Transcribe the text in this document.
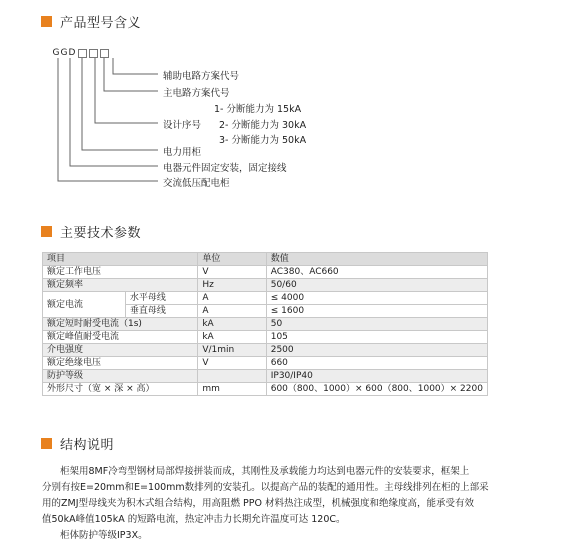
产品型号含义
G G D
辅助电路方案代号
主电路方案代号
设计序号
1- 分断能力为 15kA
2- 分断能力为 30kA
3- 分断能力为 50kA
电力用柜
电器元件固定安装，固定接线
交流低压配电柜
主要技术参数
项目		单位	数值
额定工作电压		V	AC380、AC660
额定频率		Hz	50/60
额定电流	水平母线	A	≤ 4000
	垂直母线	A	≤ 1600
额定短时耐受电流（1s)		kA	50
额定峰值耐受电流		kA	105
介电强度		V/1min	2500
额定绝缘电压		V	660
防护等级			IP30/IP40
外形尺寸（宽 × 深 × 高）		mm	600（800、1000）× 600（800、1000）× 2200
结构说明

柜架用8MF冷弯型钢材局部焊接拼装而成，其刚性及承载能力均达到电器元件的安装要求，框架上

分别有按E=20mm和E=100mm数排列的安装孔。以提高产品的装配的通用性。主母线排列在柜的上部采

用的ZMJ型母线夹为积木式组合结构，用高阻燃 PPO 材料热注成型，机械强度和绝缘度高，能承受有效

值50kA峰值105kA 的短路电流，热定冲击力长期允许温度可达 120C。

柜体防护等级IP3X。
